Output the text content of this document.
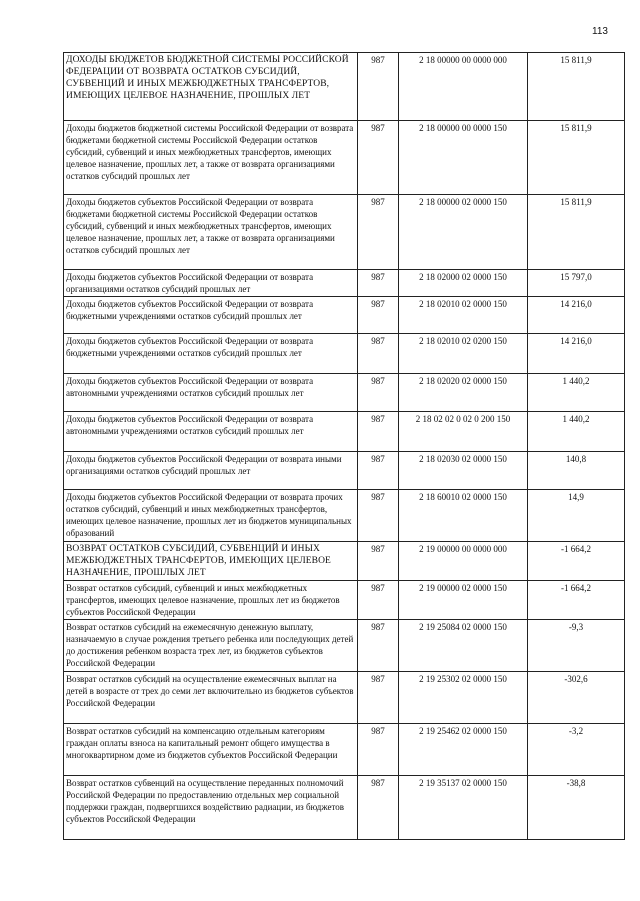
113
ДОХОДЫ БЮДЖЕТОВ БЮДЖЕТНОЙ СИСТЕМЫ РОССИЙСКОЙ ФЕДЕРАЦИИ ОТ ВОЗВРАТА ОСТАТКОВ СУБСИДИЙ, СУБВЕНЦИЙ И ИНЫХ МЕЖБЮДЖЕТНЫХ ТРАНСФЕРТОВ, ИМЕЮЩИХ ЦЕЛЕВОЕ НАЗНАЧЕНИЕ, ПРОШЛЫХ ЛЕТ	987	2 18 00000 00 0000 000	15 811,9
Доходы бюджетов бюджетной системы Российской Федерации от возврата бюджетами бюджетной системы Российской Федерации остатков субсидий, субвенций и иных межбюджетных трансфертов, имеющих целевое назначение, прошлых лет, а также от возврата организациями остатков субсидий прошлых лет	987	2 18 00000 00 0000 150	15 811,9
Доходы бюджетов субъектов Российской Федерации от возврата бюджетами бюджетной системы Российской Федерации остатков субсидий, субвенций и иных межбюджетных трансфертов, имеющих целевое назначение, прошлых лет, а также от возврата организациями остатков субсидий прошлых лет	987	2 18 00000 02 0000 150	15 811,9
Доходы бюджетов субъектов Российской Федерации от возврата организациями остатков субсидий прошлых лет	987	2 18 02000 02 0000 150	15 797,0
Доходы бюджетов субъектов Российской Федерации от возврата бюджетными учреждениями остатков субсидий прошлых лет	987	2 18 02010 02 0000 150	14 216,0
Доходы бюджетов субъектов Российской Федерации от возврата бюджетными учреждениями остатков субсидий прошлых лет	987	2 18 02010 02 0200 150	14 216,0
Доходы бюджетов субъектов Российской Федерации от возврата автономными учреждениями остатков субсидий прошлых лет	987	2 18 02020 02 0000 150	1 440,2
Доходы бюджетов субъектов Российской Федерации от возврата автономными учреждениями остатков субсидий прошлых лет	987	2 18 02 02 0 02 0 200 150	1 440,2
Доходы бюджетов субъектов Российской Федерации от возврата иными организациями остатков субсидий прошлых лет	987	2 18 02030 02 0000 150	140,8
Доходы бюджетов субъектов Российской Федерации от возврата прочих остатков субсидий, субвенций и иных межбюджетных трансфертов, имеющих целевое назначение, прошлых лет из бюджетов муниципальных образований	987	2 18 60010 02 0000 150	14,9
ВОЗВРАТ ОСТАТКОВ СУБСИДИЙ, СУБВЕНЦИЙ И ИНЫХ МЕЖБЮДЖЕТНЫХ ТРАНСФЕРТОВ, ИМЕЮЩИХ ЦЕЛЕВОЕ НАЗНАЧЕНИЕ, ПРОШЛЫХ ЛЕТ	987	2 19 00000 00 0000 000	-1 664,2
Возврат остатков субсидий, субвенций и иных межбюджетных трансфертов, имеющих целевое назначение, прошлых лет из бюджетов субъектов Российской Федерации	987	2 19 00000 02 0000 150	-1 664,2
Возврат остатков субсидий на ежемесячную денежную выплату, назначаемую в случае рождения третьего ребенка или последующих детей до достижения ребенком возраста трех лет, из бюджетов субъектов Российской Федерации	987	2 19 25084 02 0000 150	-9,3
Возврат остатков субсидий на осуществление ежемесячных выплат на детей в возрасте от трех до семи лет включительно из бюджетов субъектов Российской Федерации	987	2 19 25302 02 0000 150	-302,6
Возврат остатков субсидий на компенсацию отдельным категориям граждан оплаты взноса на капитальный ремонт общего имущества в многоквартирном доме из бюджетов субъектов Российской Федерации	987	2 19 25462 02 0000 150	-3,2
Возврат остатков субвенций на осуществление переданных полномочий Российской Федерации по предоставлению отдельных мер социальной поддержки граждан, подвергшихся воздействию радиации, из бюджетов субъектов Российской Федерации	987	2 19 35137 02 0000 150	-38,8
